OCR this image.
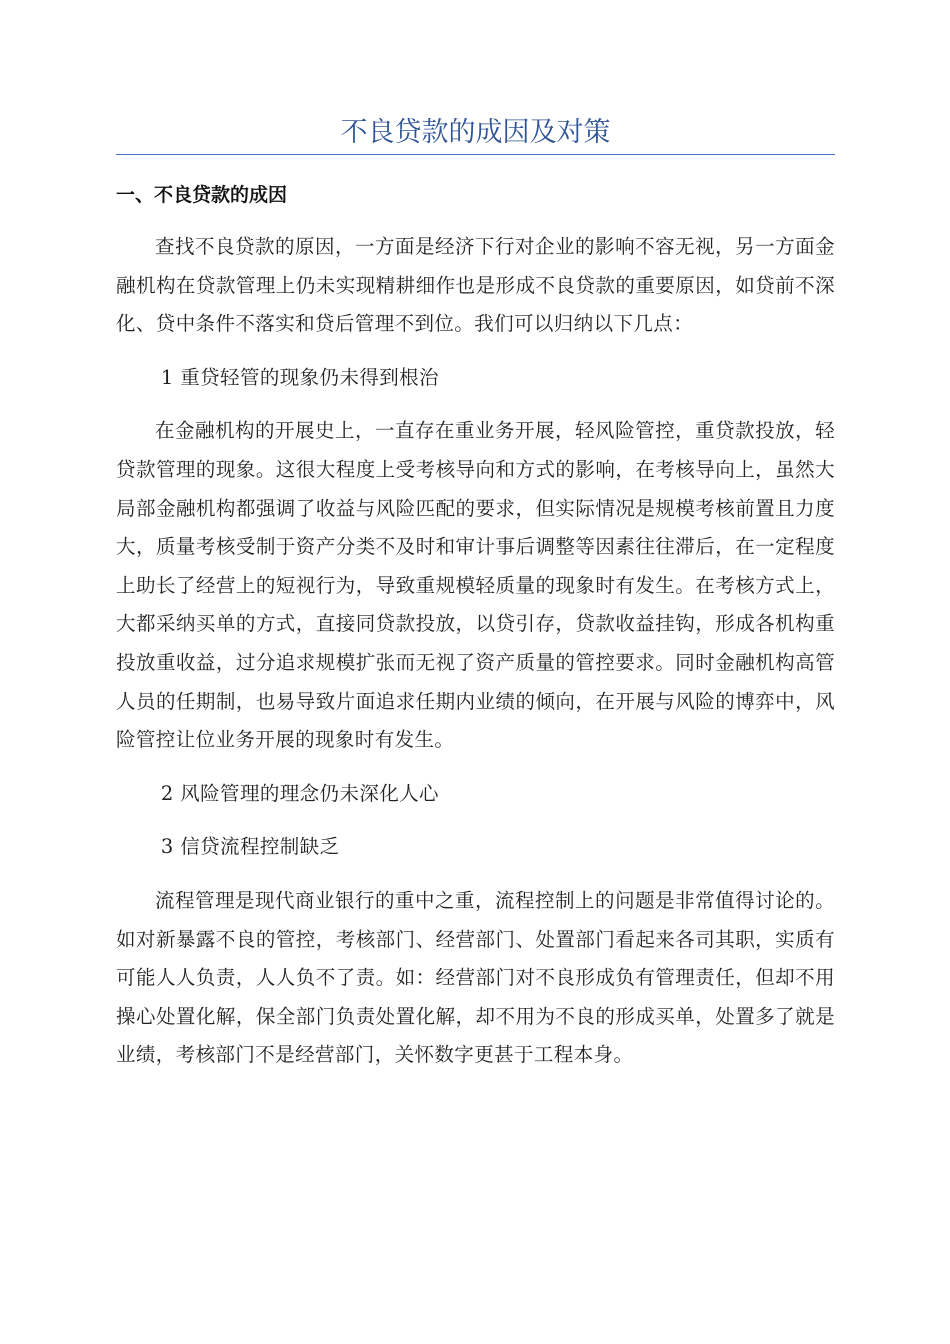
不良贷款的成因及对策
一、不良贷款的成因

查找不良贷款的原因，一方面是经济下行对企业的影响不容无视，另一方面金融机构在贷款管理上仍未实现精耕细作也是形成不良贷款的重要原因，如贷前不深化、贷中条件不落实和贷后管理不到位。我们可以归纳以下几点：

1 重贷轻管的现象仍未得到根治

在金融机构的开展史上，一直存在重业务开展，轻风险管控，重贷款投放，轻贷款管理的现象。这很大程度上受考核导向和方式的影响，在考核导向上，虽然大局部金融机构都强调了收益与风险匹配的要求，但实际情况是规模考核前置且力度大，质量考核受制于资产分类不及时和审计事后调整等因素往往滞后，在一定程度上助长了经营上的短视行为，导致重规模轻质量的现象时有发生。在考核方式上，大都采纳买单的方式，直接同贷款投放，以贷引存，贷款收益挂钩，形成各机构重投放重收益，过分追求规模扩张而无视了资产质量的管控要求。同时金融机构高管人员的任期制，也易导致片面追求任期内业绩的倾向，在开展与风险的博弈中，风险管控让位业务开展的现象时有发生。

2 风险管理的理念仍未深化人心

3 信贷流程控制缺乏

流程管理是现代商业银行的重中之重，流程控制上的问题是非常值得讨论的。如对新暴露不良的管控，考核部门、经营部门、处置部门看起来各司其职，实质有可能人人负责，人人负不了责。如：经营部门对不良形成负有管理责任，但却不用操心处置化解，保全部门负责处置化解，却不用为不良的形成买单，处置多了就是业绩，考核部门不是经营部门，关怀数字更甚于工程本身。
